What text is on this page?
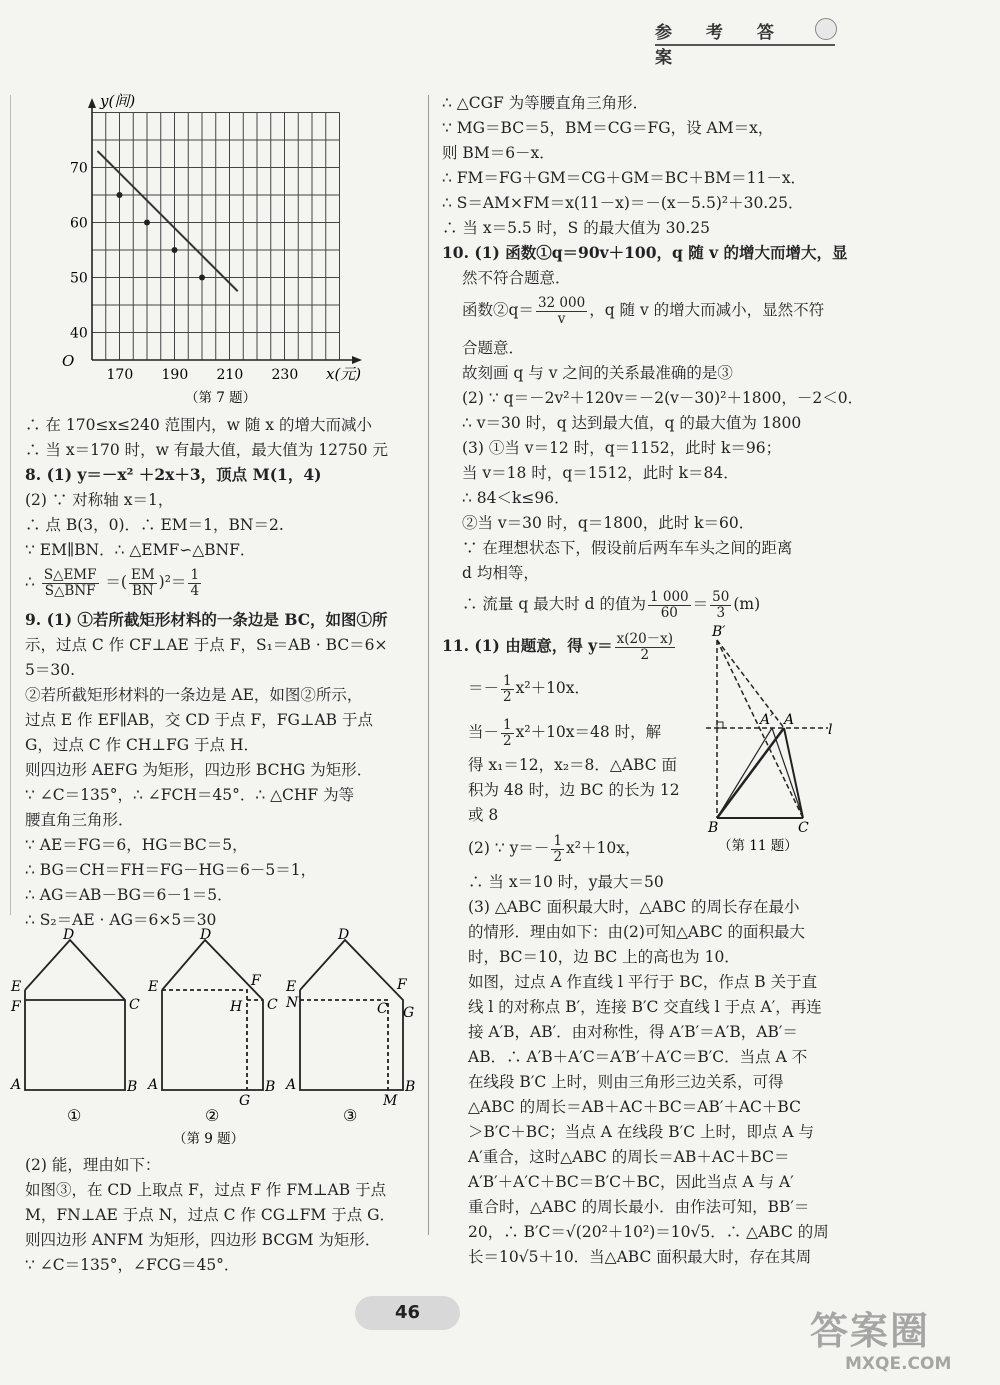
参 考 答 案
170 190 210 230
40
50
60
70
y(间)
x(元)
O
（第 7 题）
∴ 在 170≤x≤240 范围内，w 随 x 的增大而减小
∴ 当 x＝170 时，w 有最大值，最大值为 12750 元
8. (1) y＝－x² ＋2x＋3，顶点 M(1，4)
(2) ∵ 对称轴 x＝1，
∴ 点 B(3，0)．∴ EM＝1，BN＝2.
∵ EM∥BN．∴ △EMF∽△BNF．
∴ $\frac{\text{S△EMF}}{\text{S△BNF}}$ ＝( $\frac{EM}{BN} )^2= \frac{1}{4}$
9. (1) ①若所截矩形材料的一条边是 BC，如图①所
示，过点 C 作 CF⊥AE 于点 F，S₁＝AB · BC＝6×
5＝30.
②若所截矩形材料的一条边是 AE，如图②所示，
过点 E 作 EF∥AB，交 CD 于点 F，FG⊥AB 于点
G，过点 C 作 CH⊥FG 于点 H．
则四边形 AEFG 为矩形，四边形 BCHG 为矩形．
∵ ∠C＝135°，∴ ∠FCH＝45°．∴ △CHF 为等
腰直角三角形．
∵ AE＝FG＝6，HG＝BC＝5，
∴ BG＝CH＝FH＝FG－HG＝6－5＝1，
∴ AG＝AB－BG＝6－1＝5．
∴ S₂＝AE · AG＝6×5＝30
D
E
F	C
A	B
①
D
E	F
H C
A
G
B
②
D
E
N
F
C G
A
M
B
③
（第 9 题）
(2) 能，理由如下：
如图③，在 CD 上取点 F，过点 F 作 FM⊥AB 于点
M，FN⊥AE 于点 N，过点 C 作 CG⊥FM 于点 G．
则四边形 ANFM 为矩形，四边形 BCGM 为矩形．
∵ ∠C＝135°，∠FCG＝45°．
∴ △CGF 为等腰直角三角形．
∵ MG＝BC＝5，BM＝CG＝FG，设 AM＝x，
则 BM＝6－x．
∴ FM＝FG＋GM＝CG＋GM＝BC＋BM＝11－x．
∴ S＝AM×FM＝x(11－x)＝－(x－5.5)²＋30.25．
∴ 当 x＝5.5 时，S 的最大值为 30.25
10. (1) 函数①q＝90v＋100，q 随 v 的增大而增大，显
然不符合题意．
函数②q＝ $\frac{32 000}{v}$ ，q 随 v 的增大而减小，显然不符
合题意．
故刻画 q 与 v 之间的关系最准确的是③
(2) ∵ q＝－2v²＋120v＝－2(v－30)²＋1800，－2＜0．
∴ v＝30 时，q 达到最大值，q 的最大值为 1800
(3) ①当 v＝12 时，q＝1152，此时 k＝96；
当 v＝18 时，q＝1512，此时 k＝84．
∴ 84＜k≤96．
②当 v＝30 时，q＝1800，此时 k＝60．
∵ 在理想状态下，假设前后两车车头之间的距离
d 均相等，
∴ 流量 q 最大时 d 的值为 $\frac{1 000}{60} = \frac{50}{3} (m)$
11. (1) 由题意，得 $y= \frac{x(20-x)}{2}$
＝－ $\frac{1}{2} x^2+10x$．
当－ $\frac{1}{2} x^2+10x=48$ 时，解
得 x₁＝12，x₂＝8．△ABC 面
积为 48 时，边 BC 的长为 12
或 8
(2) ∵ $y=- \frac{1}{2} x^2+10x$，
∴ 当 x＝10 时，y最大＝50
B′
A′ A
l
B	C
（第 11 题）
(3) △ABC 面积最大时，△ABC 的周长存在最小
的情形．理由如下：由(2)可知△ABC 的面积最大
时，BC＝10，边 BC 上的高也为 10．
如图，过点 A 作直线 l 平行于 BC，作点 B 关于直
线 l 的对称点 B′，连接 B′C 交直线 l 于点 A′，再连
接 A′B，AB′．由对称性，得 A′B′＝A′B，AB′＝
AB．∴ A′B＋A′C＝A′B′＋A′C＝B′C．当点 A 不
在线段 B′C 上时，则由三角形三边关系，可得
△ABC 的周长＝AB＋AC＋BC＝AB′＋AC＋BC
＞B′C＋BC；当点 A 在线段 B′C 上时，即点 A 与
A′重合，这时△ABC 的周长＝AB＋AC＋BC＝
A′B′＋A′C＋BC＝B′C＋BC，因此当点 A 与 A′
重合时，△ABC 的周长最小．由作法可知，BB′＝
20，∴ B′C＝√(20²＋10²)＝10√5．∴ △ABC 的周
长＝10√5＋10．当△ABC 面积最大时，存在其周
46	答案圈
MXQE.COM
